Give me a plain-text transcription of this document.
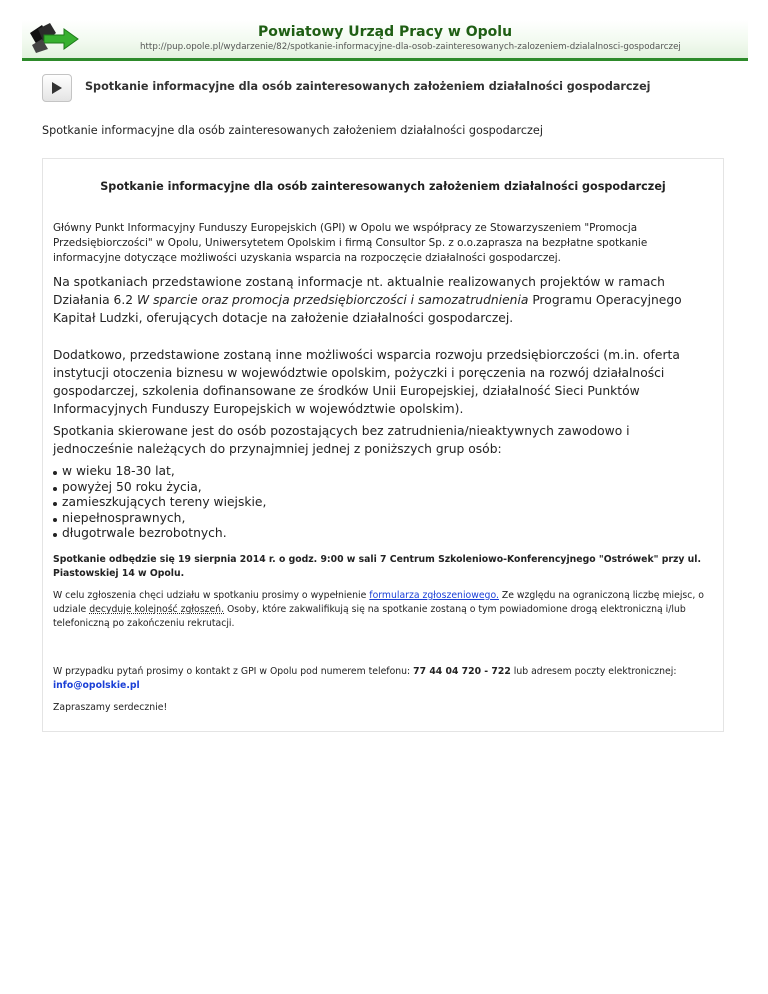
Powiatowy Urząd Pracy w Opolu
http://pup.opole.pl/wydarzenie/82/spotkanie-informacyjne-dla-osob-zainteresowanych-zalozeniem-dzialalnosci-gospodarczej
Spotkanie informacyjne dla osób zainteresowanych założeniem działalności gospodarczej
Spotkanie informacyjne dla osób zainteresowanych założeniem działalności gospodarczej
Spotkanie informacyjne dla osób zainteresowanych założeniem działalności gospodarczej

Główny Punkt Informacyjny Funduszy Europejskich (GPI) w Opolu we współpracy ze Stowarzyszeniem "Promocja Przedsiębiorczości" w Opolu, Uniwersytetem Opolskim i firmą Consultor Sp. z o.o.zaprasza na bezpłatne spotkanie informacyjne dotyczące możliwości uzyskania wsparcia na rozpoczęcie działalności gospodarczej.

Na spotkaniach przedstawione zostaną informacje nt. aktualnie realizowanych projektów w ramach Działania 6.2 W sparcie oraz promocja przedsiębiorczości i samozatrudnienia Programu Operacyjnego Kapitał Ludzki, oferujących dotacje na założenie działalności gospodarczej.

Dodatkowo, przedstawione zostaną inne możliwości wsparcia rozwoju przedsiębiorczości (m.in. oferta instytucji otoczenia biznesu w województwie opolskim, pożyczki i poręczenia na rozwój działalności gospodarczej, szkolenia dofinansowane ze środków Unii Europejskiej, działalność Sieci Punktów Informacyjnych Funduszy Europejskich w województwie opolskim).

Spotkania skierowane jest do osób pozostających bez zatrudnienia/nieaktywnych zawodowo i jednocześnie należących do przynajmniej jednej z poniższych grup osób:

w wieku 18-30 lat,
powyżej 50 roku życia,
zamieszkujących tereny wiejskie,
niepełnosprawnych,
długotrwale bezrobotnych.

Spotkanie odbędzie się 19 sierpnia 2014 r. o godz. 9:00 w sali 7 Centrum Szkoleniowo-Konferencyjnego "Ostrówek" przy ul. Piastowskiej 14 w Opolu.

W celu zgłoszenia chęci udziału w spotkaniu prosimy o wypełnienie formularza zgłoszeniowego. Ze względu na ograniczoną liczbę miejsc, o udziale decyduje kolejność zgłoszeń. Osoby, które zakwalifikują się na spotkanie zostaną o tym powiadomione drogą elektroniczną i/lub telefoniczną po zakończeniu rekrutacji.

W przypadku pytań prosimy o kontakt z GPI w Opolu pod numerem telefonu: 77 44 04 720 - 722 lub adresem poczty elektronicznej:
info@opolskie.pl

Zapraszamy serdecznie!
